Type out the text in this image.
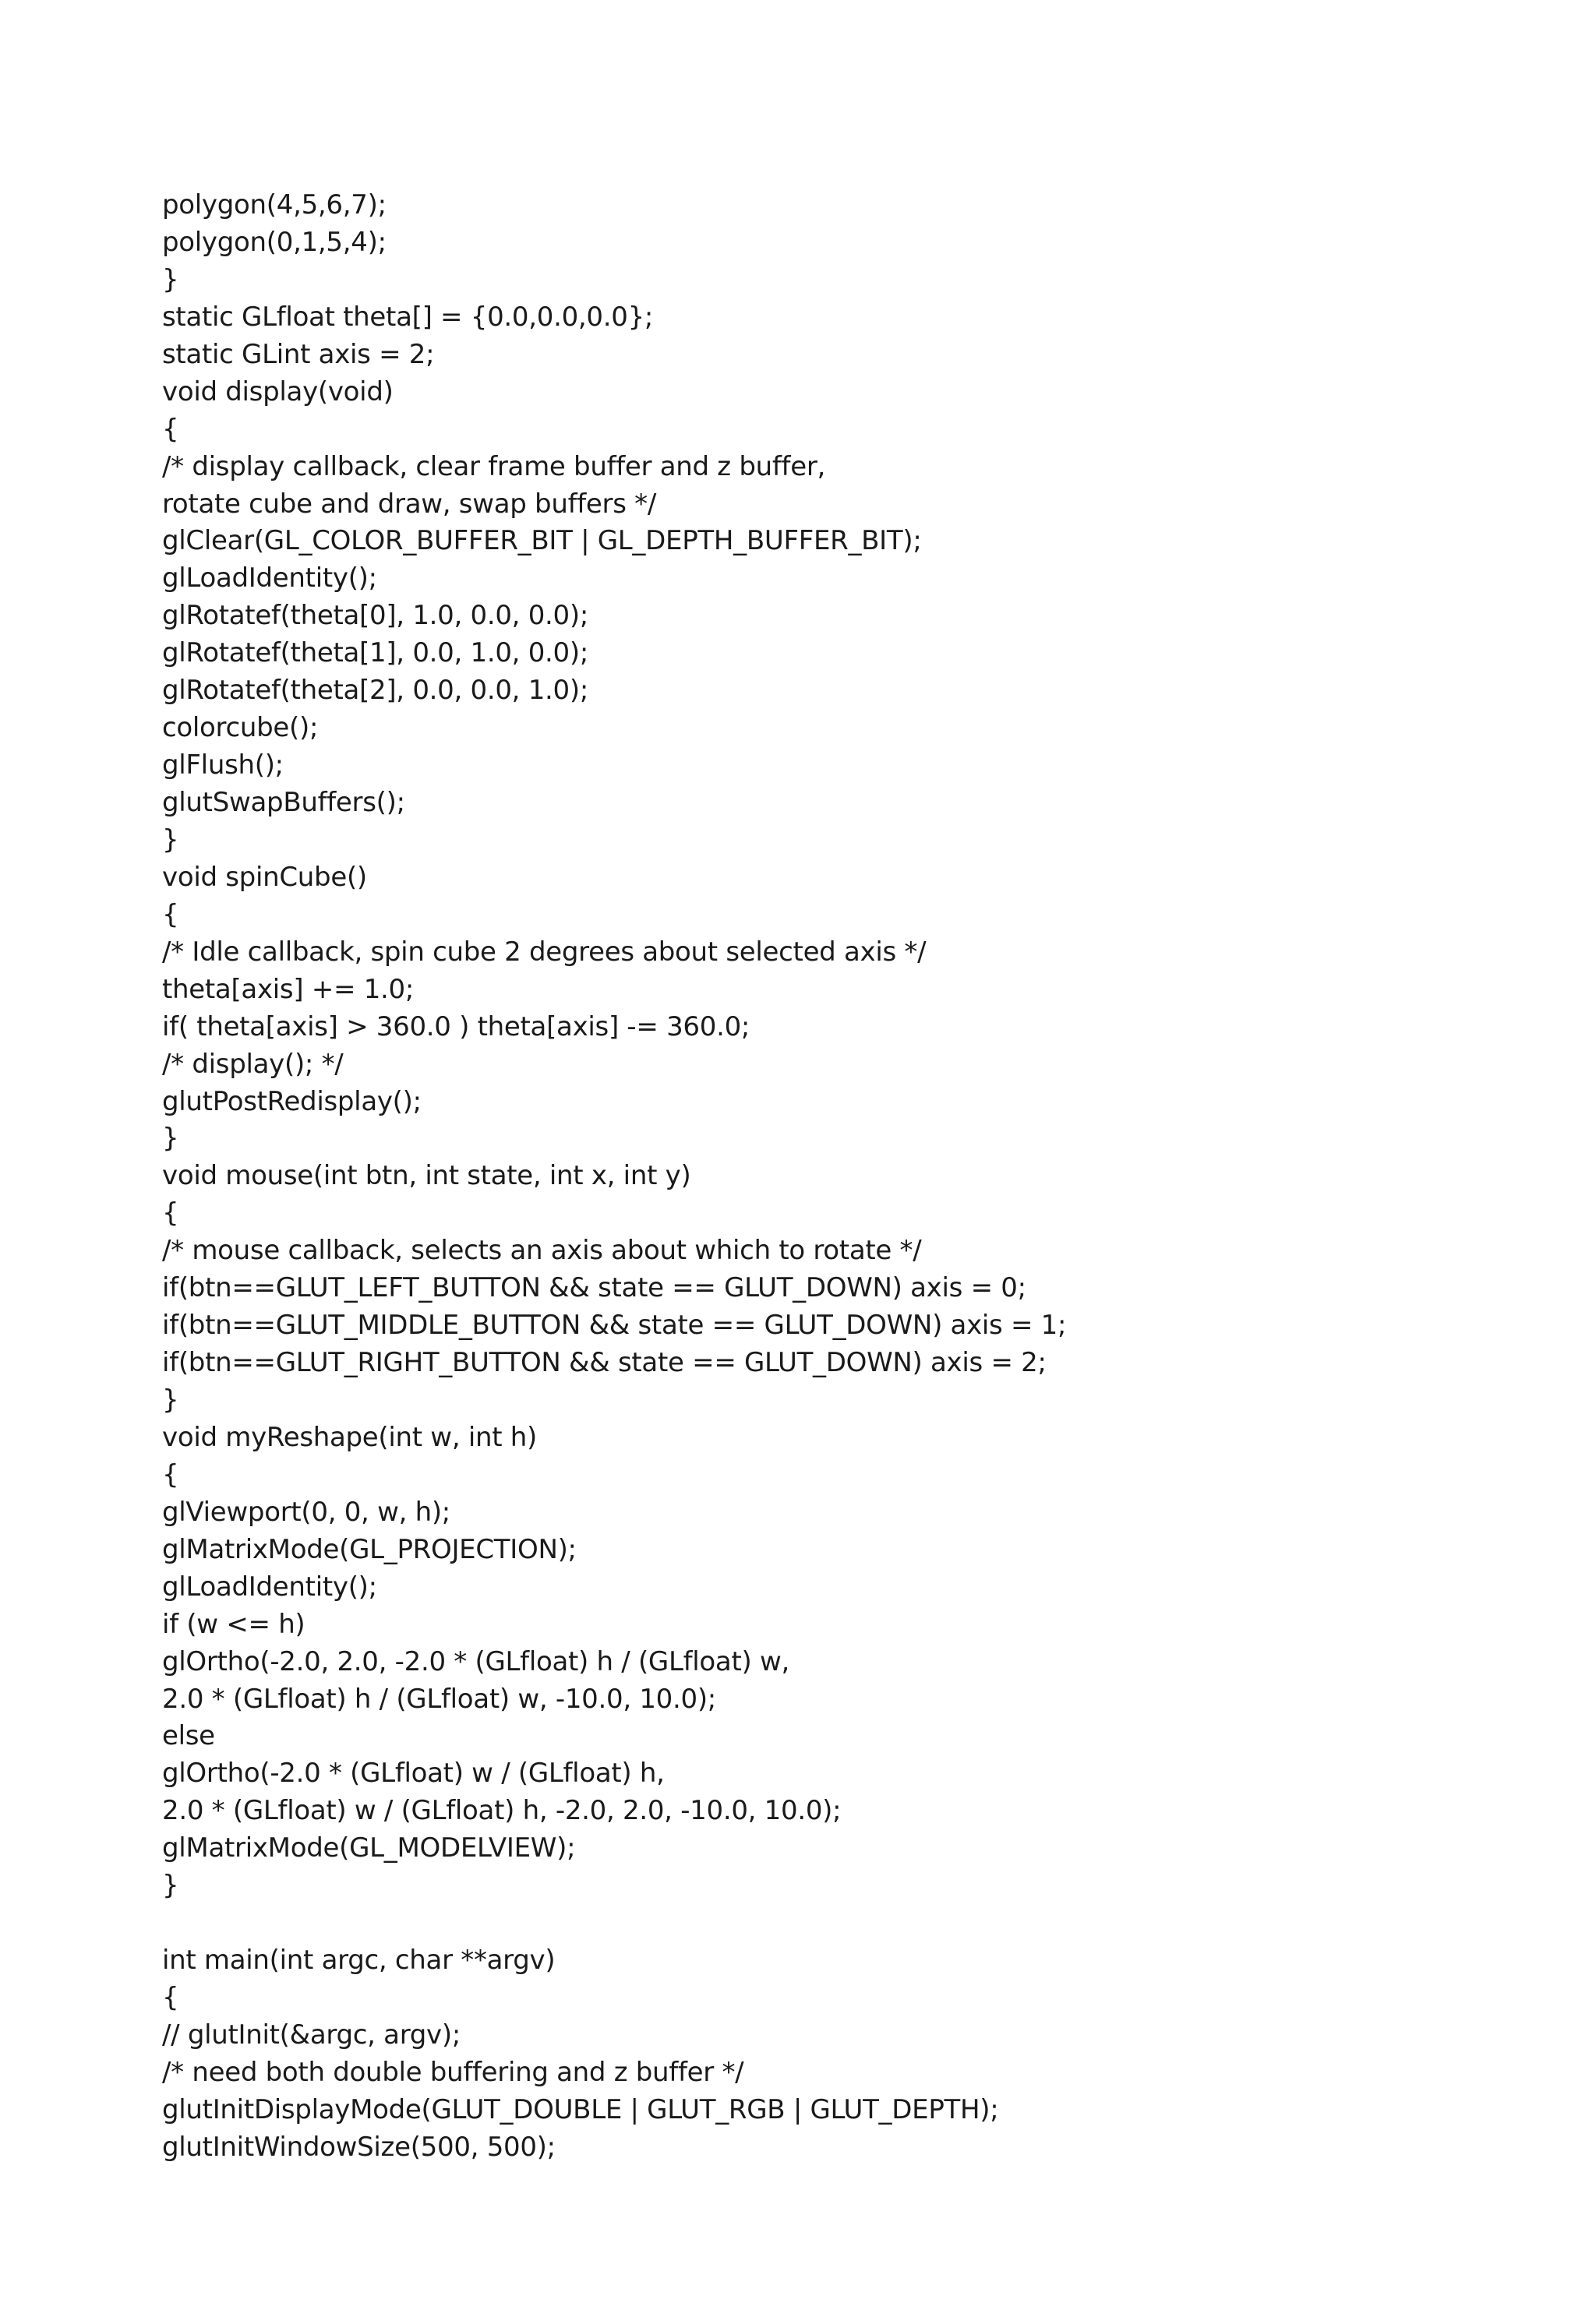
polygon(4,5,6,7);
polygon(0,1,5,4);
}
static GLfloat theta[] = {0.0,0.0,0.0};
static GLint axis = 2;
void display(void)
{
/* display callback, clear frame buffer and z buffer,
rotate cube and draw, swap buffers */
glClear(GL_COLOR_BUFFER_BIT | GL_DEPTH_BUFFER_BIT);
glLoadIdentity();
glRotatef(theta[0], 1.0, 0.0, 0.0);
glRotatef(theta[1], 0.0, 1.0, 0.0);
glRotatef(theta[2], 0.0, 0.0, 1.0);
colorcube();
glFlush();
glutSwapBuffers();
}
void spinCube()
{
/* Idle callback, spin cube 2 degrees about selected axis */
theta[axis] += 1.0;
if( theta[axis] > 360.0 ) theta[axis] -= 360.0;
/* display(); */
glutPostRedisplay();
}
void mouse(int btn, int state, int x, int y)
{
/* mouse callback, selects an axis about which to rotate */
if(btn==GLUT_LEFT_BUTTON && state == GLUT_DOWN) axis = 0;
if(btn==GLUT_MIDDLE_BUTTON && state == GLUT_DOWN) axis = 1;
if(btn==GLUT_RIGHT_BUTTON && state == GLUT_DOWN) axis = 2;
}
void myReshape(int w, int h)
{
glViewport(0, 0, w, h);
glMatrixMode(GL_PROJECTION);
glLoadIdentity();
if (w <= h)
glOrtho(-2.0, 2.0, -2.0 * (GLfloat) h / (GLfloat) w,
2.0 * (GLfloat) h / (GLfloat) w, -10.0, 10.0);
else
glOrtho(-2.0 * (GLfloat) w / (GLfloat) h,
2.0 * (GLfloat) w / (GLfloat) h, -2.0, 2.0, -10.0, 10.0);
glMatrixMode(GL_MODELVIEW);
}
int main(int argc, char **argv)
{
// glutInit(&argc, argv);
/* need both double buffering and z buffer */
glutInitDisplayMode(GLUT_DOUBLE | GLUT_RGB | GLUT_DEPTH);
glutInitWindowSize(500, 500);
